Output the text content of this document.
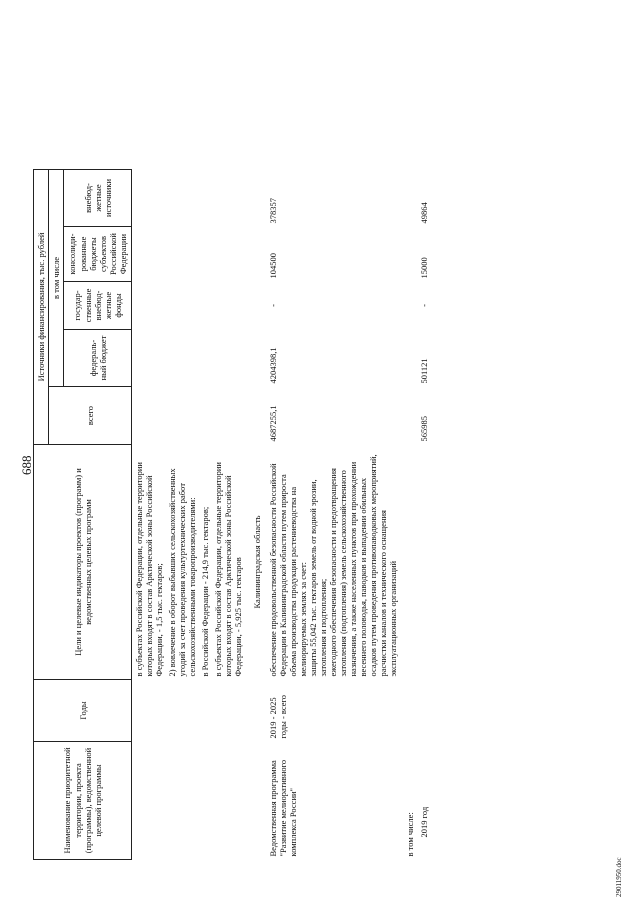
688
Наименование приоритетной территории, проекта (программы), ведомственной целевой программы	Годы	Цели и целевые индикаторы проектов (программ) и ведомственных целевых программ	Источники финансирования, тыс. рублей					
			всего	в том числе				
				федераль-ный бюджет	государ-ственные внебюд-жетные фонды	консолиди-рованные бюджеты субъектов Российской Федерации	внебюд-жетные источники	

		в субъектах Российской Федерации, отдельные территории которых входят в состав Арктической зоны Российской Федерации, - 1,5 тыс. гектаров; 2) вовлечение в оборот выбывших сельскохозяйственных угодий за счет проведения культуртехнических работ сельскохозяйственными товаропроизводителями: в Российской Федерации - 214,9 тыс. гектаров; в субъектах Российской Федерации, отдельные территории которых входят в состав Арктической зоны Российской Федерации, - 5,925 тыс. гектаров						

		Калининградская область						
Ведомственная программа "Развитие мелиоративного комплекса России"	2019 - 2025 годы - всего	обеспечение продовольственной безопасности Российской Федерации в Калининградской области путем прироста объема производства продукции растениеводства на мелиорируемых землях за счет: защиты 55,042 тыс. гектаров земель от водной эрозии, затопления и подтопления; ежегодного обеспечения безопасности и предотвращения затопления (подтопления) земель сельскохозяйственного назначения, а также населенных пунктов при прохождении весеннего половодья, паводков и выпадении обильных осадков путем проведения противопаводковых мероприятий, расчистки каналов и технического оснащения эксплуатационных организаций	4687255,1	4204398,1	-	104500	378357	
в том числе:								
2019 год			565985	501121	-	15000	49864	
29011950.doc
